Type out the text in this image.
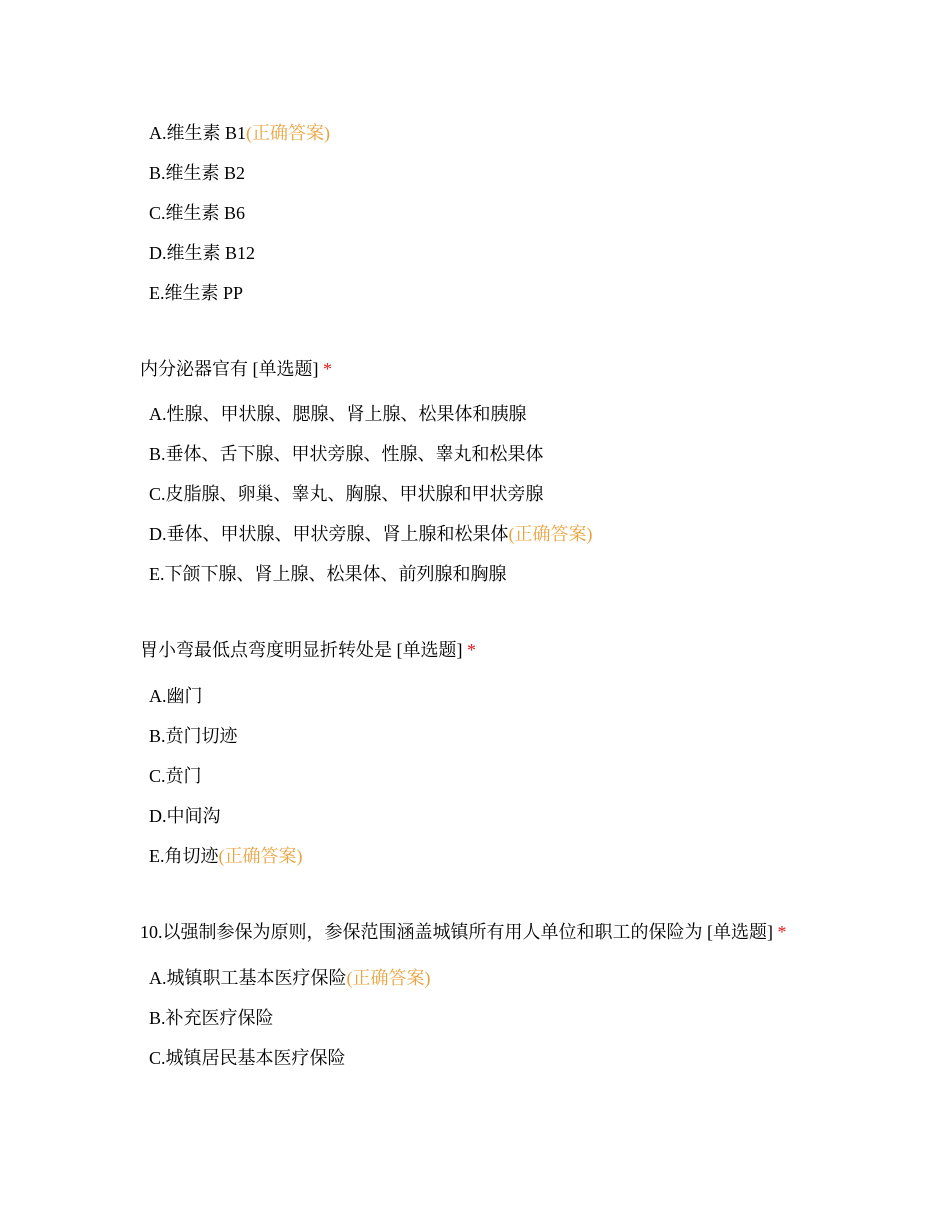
A.维生素 B1(正确答案)
B.维生素 B2
C.维生素 B6
D.维生素 B12
E.维生素 PP
内分泌器官有 [单选题] *
A.性腺、甲状腺、腮腺、肾上腺、松果体和胰腺
B.垂体、舌下腺、甲状旁腺、性腺、睾丸和松果体
C.皮脂腺、卵巢、睾丸、胸腺、甲状腺和甲状旁腺
D.垂体、甲状腺、甲状旁腺、肾上腺和松果体(正确答案)
E.下颌下腺、肾上腺、松果体、前列腺和胸腺
胃小弯最低点弯度明显折转处是 [单选题] *
A.幽门
B.贲门切迹
C.贲门
D.中间沟
E.角切迹(正确答案)
10.以强制参保为原则，参保范围涵盖城镇所有用人单位和职工的保险为 [单选题] *
A.城镇职工基本医疗保险(正确答案)
B.补充医疗保险
C.城镇居民基本医疗保险
